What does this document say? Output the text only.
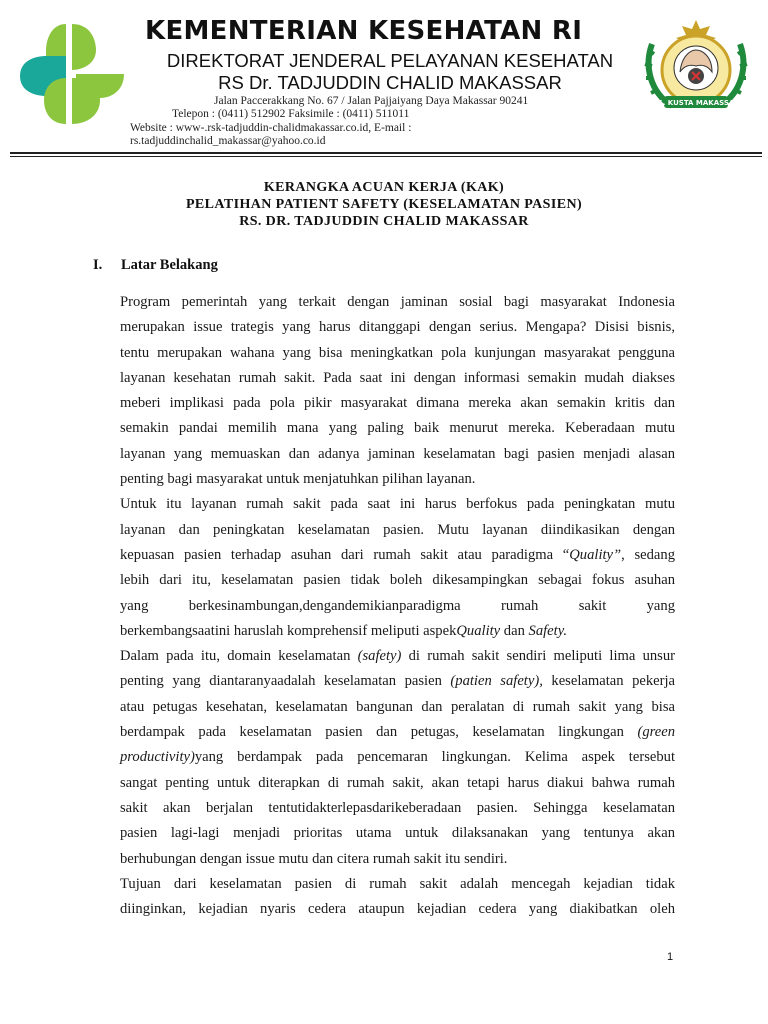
KEMENTERIAN KESEHATAN RI
DIREKTORAT JENDERAL PELAYANAN KESEHATAN
RS Dr. TADJUDDIN CHALID MAKASSAR
Jalan Paccerakkang No. 67 / Jalan Pajjaiyang Daya Makassar 90241
Telepon : (0411) 512902 Faksimile : (0411) 511011
Website : www-.rsk-tadjuddin-chalidmakassar.co.id, E-mail :
rs.tadjuddinchalid_makassar@yahoo.co.id
RS. KUSTA MAKASSAR
KERANGKA ACUAN KERJA (KAK)
PELATIHAN PATIENT SAFETY (KESELAMATAN PASIEN)
RS. DR. TADJUDDIN CHALID MAKASSAR
I. Latar Belakang

Program pemerintah yang terkait dengan jaminan sosial bagi masyarakat Indonesia
merupakan issue trategis yang harus ditanggapi dengan serius. Mengapa? Disisi bisnis,
tentu merupakan wahana yang bisa meningkatkan pola kunjungan masyarakat pengguna
layanan kesehatan rumah sakit. Pada saat ini dengan informasi semakin mudah diakses
meberi implikasi pada pola pikir masyarakat dimana mereka akan semakin kritis dan
semakin pandai memilih mana yang paling baik menurut mereka. Keberadaan mutu
layanan yang memuaskan dan adanya jaminan keselamatan bagi pasien menjadi alasan
penting bagi masyarakat untuk menjatuhkan pilihan layanan.

Untuk itu layanan rumah sakit pada saat ini harus berfokus pada peningkatan mutu
layanan dan peningkatan keselamatan pasien. Mutu layanan diindikasikan dengan
kepuasan pasien terhadap asuhan dari rumah sakit atau paradigma “Quality”, sedang
lebih dari itu, keselamatan pasien tidak boleh dikesampingkan sebagai fokus asuhan
yang berkesinambungan,dengandemikianparadigma rumah sakit yang
berkembangsaatini haruslah komprehensif meliputi aspekQuality dan Safety.

Dalam pada itu, domain keselamatan (safety) di rumah sakit sendiri meliputi lima unsur
penting yang diantaranyaadalah keselamatan pasien (patien safety), keselamatan pekerja
atau petugas kesehatan, keselamatan bangunan dan peralatan di rumah sakit yang bisa
berdampak pada keselamatan pasien dan petugas, keselamatan lingkungan (green
productivity)yang berdampak pada pencemaran lingkungan. Kelima aspek tersebut
sangat penting untuk diterapkan di rumah sakit, akan tetapi harus diakui bahwa rumah
sakit akan berjalan tentutidakterlepasdarikeberadaan pasien. Sehingga keselamatan
pasien lagi-lagi menjadi prioritas utama untuk dilaksanakan yang tentunya akan
berhubungan dengan issue mutu dan citera rumah sakit itu sendiri.

Tujuan dari keselamatan pasien di rumah sakit adalah mencegah kejadian tidak
diinginkan, kejadian nyaris cedera ataupun kejadian cedera yang diakibatkan oleh

1
